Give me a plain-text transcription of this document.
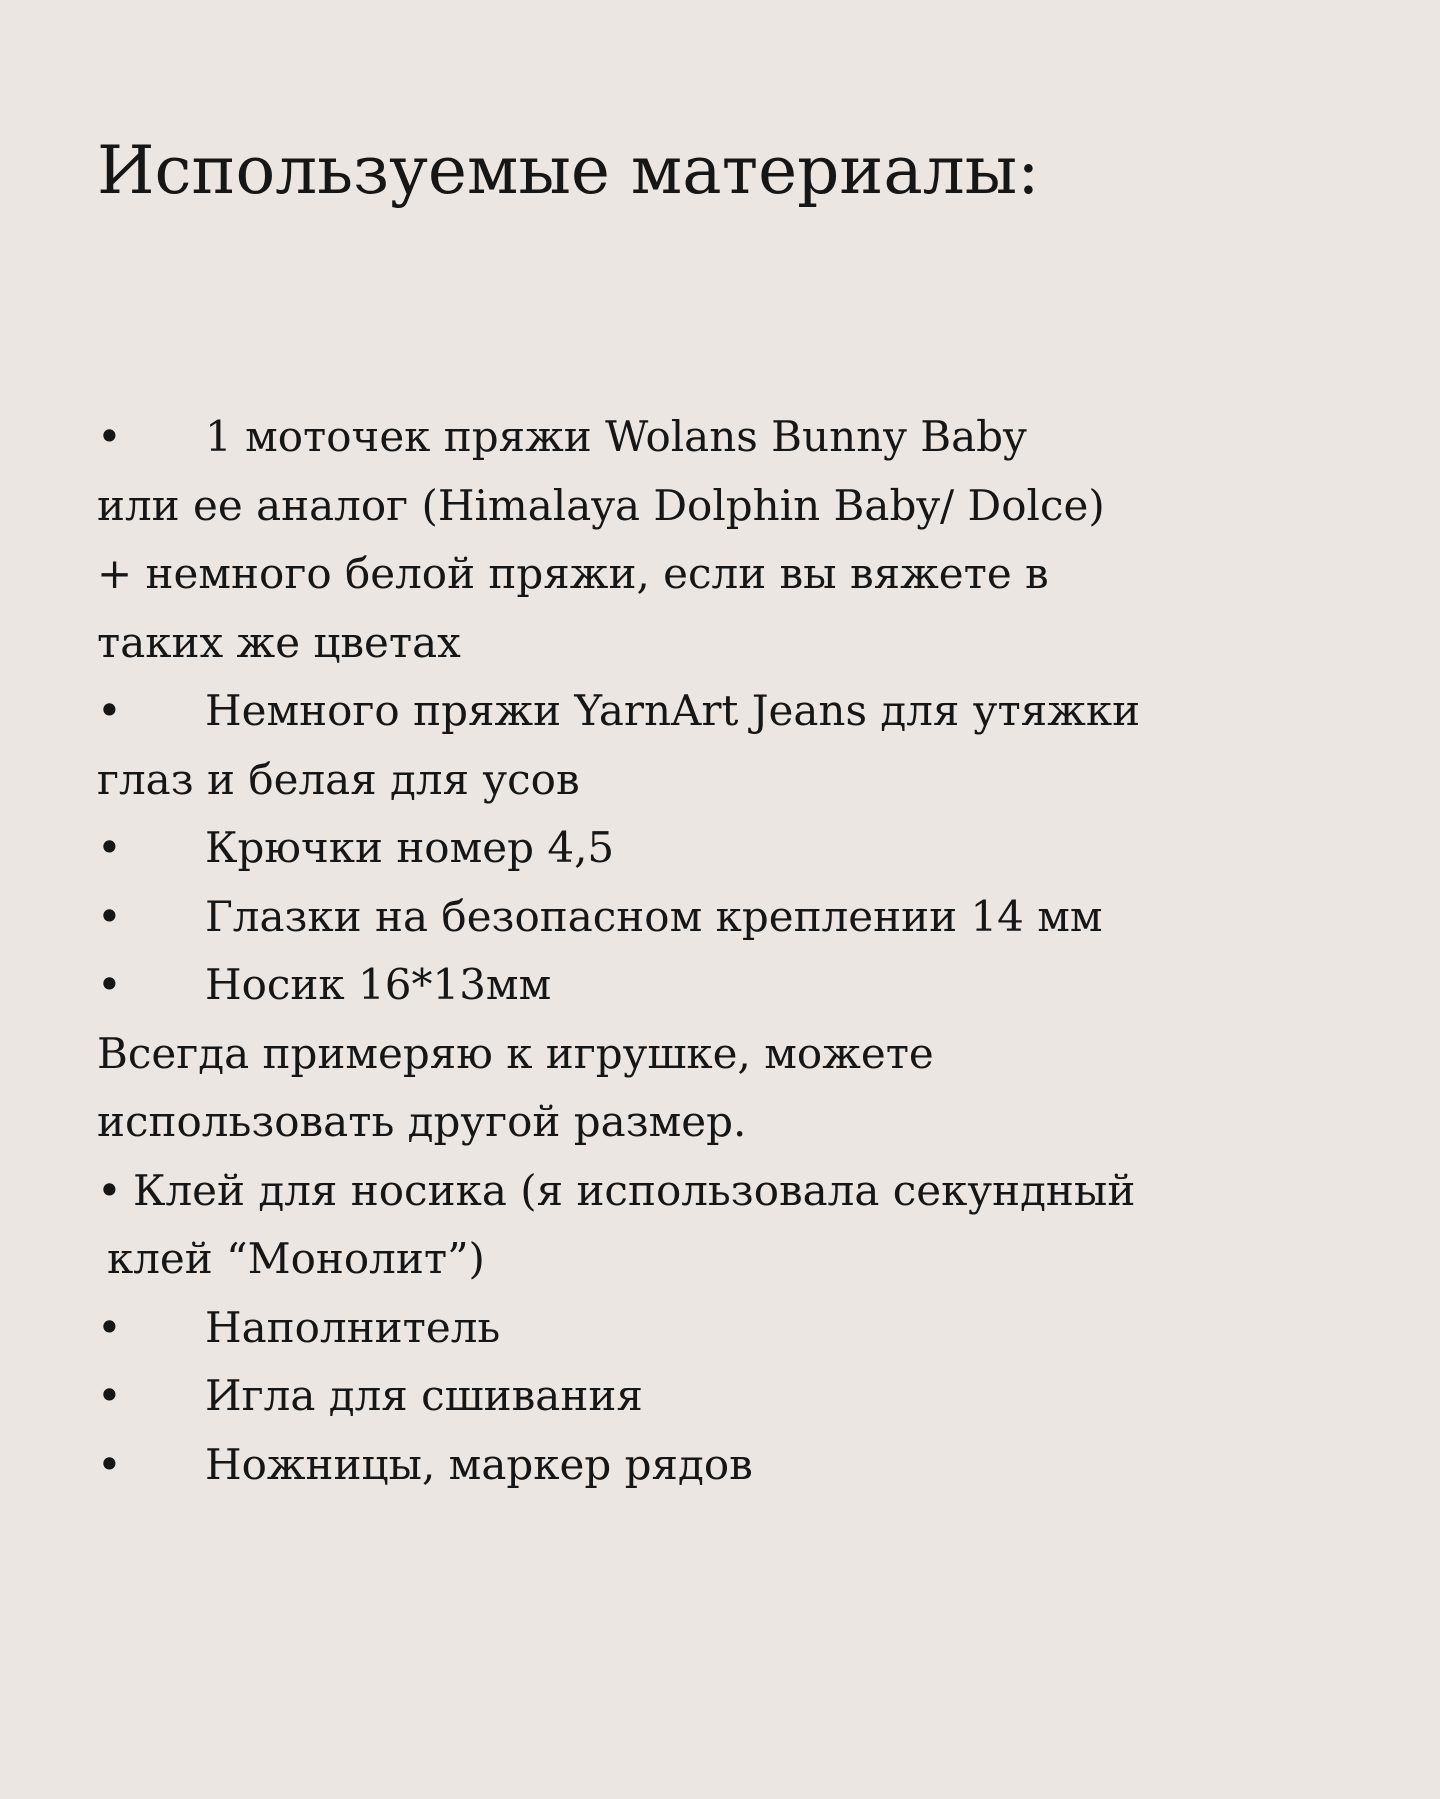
Используемые материалы:
• 1 моточек пряжи Wolans Bunny Baby
или ее аналог (Himalaya Dolphin Baby/ Dolce)
+ немного белой пряжи, если вы вяжете в
таких же цветах
• Немного пряжи YarnArt Jeans для утяжки
глаз и белая для усов
• Крючки номер 4,5
• Глазки на безопасном креплении 14 мм
• Носик 16*13мм
Всегда примеряю к игрушке, можете
использовать другой размер.
• Клей для носика (я использовала секундный
клей “Монолит”)
• Наполнитель
• Игла для сшивания
• Ножницы, маркер рядов
